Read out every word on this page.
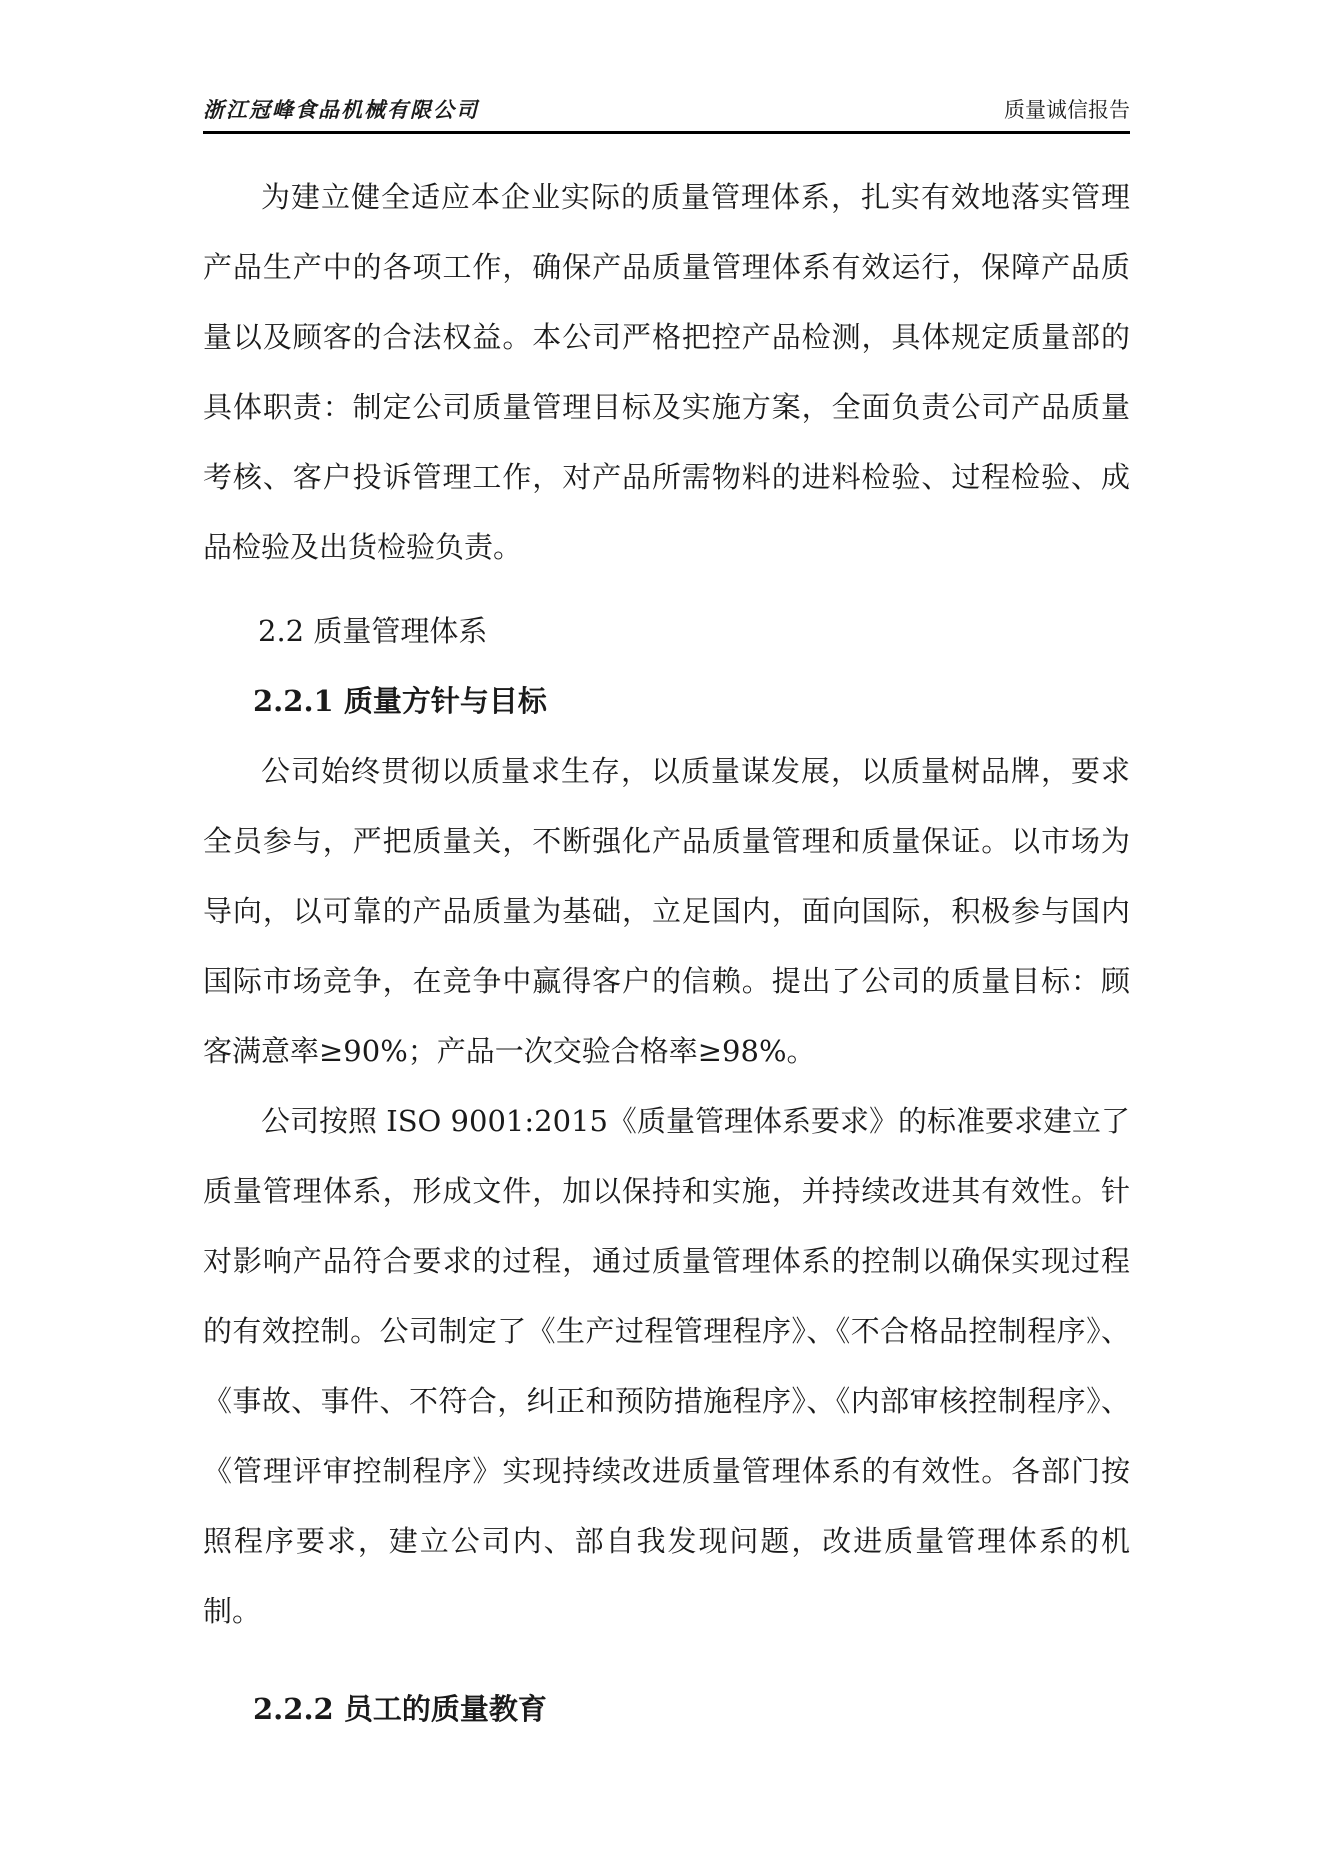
浙江冠峰食品机械有限公司	质量诚信报告

为建立健全适应本企业实际的质量管理体系，扎实有效地落实管理产品生产中的各项工作，确保产品质量管理体系有效运行，保障产品质量以及顾客的合法权益。本公司严格把控产品检测，具体规定质量部的具体职责：制定公司质量管理目标及实施方案，全面负责公司产品质量考核、客户投诉管理工作，对产品所需物料的进料检验、过程检验、成品检验及出货检验负责。

2.2 质量管理体系
2.2.1 质量方针与目标

公司始终贯彻以质量求生存，以质量谋发展，以质量树品牌，要求全员参与，严把质量关，不断强化产品质量管理和质量保证。以市场为导向，以可靠的产品质量为基础，立足国内，面向国际，积极参与国内国际市场竞争，在竞争中赢得客户的信赖。提出了公司的质量目标：顾客满意率≥90%；产品一次交验合格率≥98%。

公司按照 ISO 9001:2015《质量管理体系要求》的标准要求建立了质量管理体系，形成文件，加以保持和实施，并持续改进其有效性。针对影响产品符合要求的过程，通过质量管理体系的控制以确保实现过程的有效控制。公司制定了《生产过程管理程序》、《不合格品控制程序》、《事故、事件、不符合，纠正和预防措施程序》、《内部审核控制程序》、《管理评审控制程序》实现持续改进质量管理体系的有效性。各部门按照程序要求，建立公司内、部自我发现问题，改进质量管理体系的机制。

2.2.2 员工的质量教育
